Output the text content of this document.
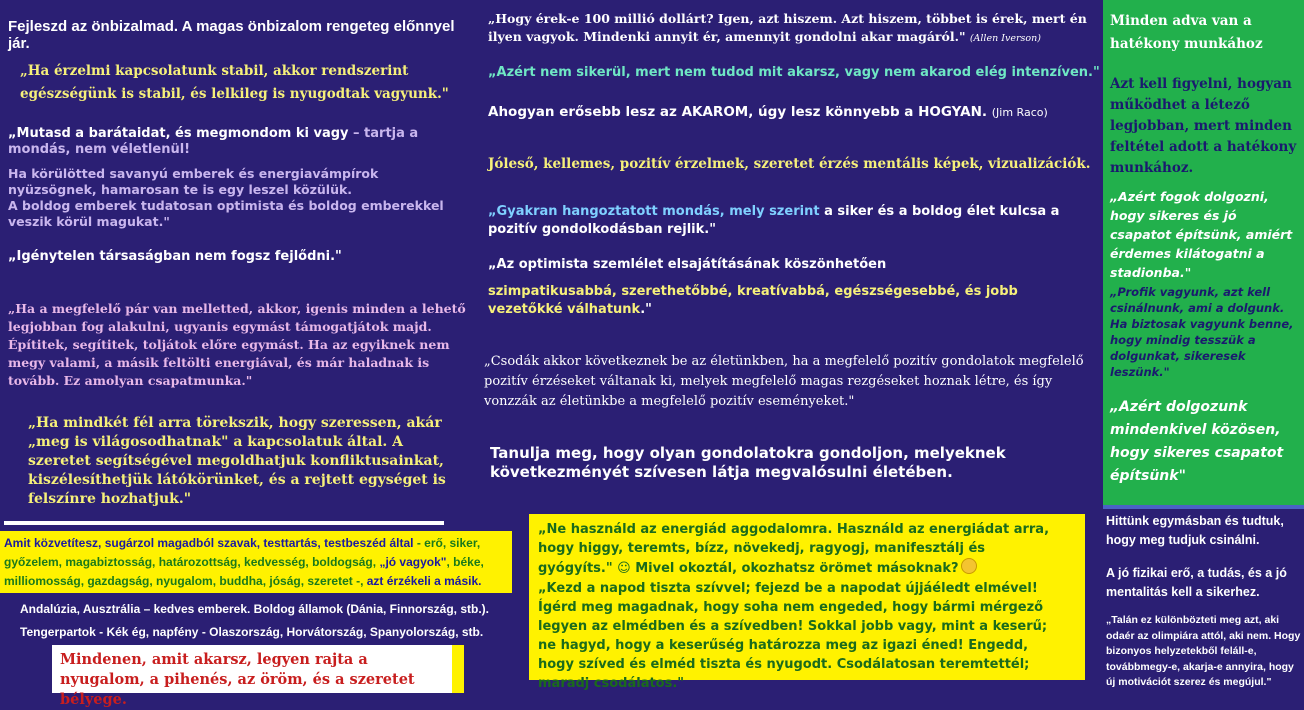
Fejleszd az önbizalmad. A magas önbizalom rengeteg előnnyel jár.

„Ha érzelmi kapcsolatunk stabil, akkor rendszerint egészségünk is stabil, és lelkileg is nyugodtak vagyunk."

„Mutasd a barátaidat, és megmondom ki vagy – tartja a mondás, nem véletlenül!

Ha körülötted savanyú emberek és energiavámpírok nyüzsögnek, hamarosan te is egy leszel közülük.
A boldog emberek tudatosan optimista és boldog emberekkel veszik körül magukat."

„Igénytelen társaságban nem fogsz fejlődni."

„Ha a megfelelő pár van melletted, akkor, igenis minden a lehető legjobban fog alakulni, ugyanis egymást támogatjátok majd. Építitek, segítitek, toljátok előre egymást. Ha az egyiknek nem megy valami, a másik feltölti energiával, és már haladnak is tovább. Ez amolyan csapatmunka."

„Ha mindkét fél arra törekszik, hogy szeressen, akár „meg is világosodhatnak" a kapcsolatuk által. A szeretet segítségével megoldhatjuk konfliktusainkat, kiszélesíthetjük látókörünket, és a rejtett egységet is felszínre hozhatjuk."

Amit közvetítesz, sugárzol magadból szavak, testtartás, testbeszéd által - erő, siker, győzelem, magabiztosság, határozottság, kedvesség, boldogság, „jó vagyok", béke, milliomosság, gazdagság, nyugalom, buddha, jóság, szeretet -, azt érzékeli a másik.

Andalúzia, Ausztrália – kedves emberek. Boldog államok (Dánia, Finnország, stb.).

Tengerpartok - Kék ég, napfény - Olaszország, Horvátország, Spanyolország, stb.

Mindenen, amit akarsz, legyen rajta a nyugalom, a pihenés, az öröm, és a szeretet bélyege.

„Hogy érek-e 100 millió dollárt? Igen, azt hiszem. Azt hiszem, többet is érek, mert én ilyen vagyok. Mindenki annyit ér, amennyit gondolni akar magáról." (Allen Iverson)

„Azért nem sikerül, mert nem tudod mit akarsz, vagy nem akarod elég intenzíven."

Ahogyan erősebb lesz az AKAROM, úgy lesz könnyebb a HOGYAN. (Jim Raco)

Jóleső, kellemes, pozitív érzelmek, szeretet érzés mentális képek, vizualizációk.

„Gyakran hangoztatott mondás, mely szerint a siker és a boldog élet kulcsa a pozitív gondolkodásban rejlik."

„Az optimista szemlélet elsajátításának köszönhetően

szimpatikusabbá, szerethetőbbé, kreatívabbá, egészségesebbé, és jobb vezetőkké válhatunk."

„Csodák akkor következnek be az életünkben, ha a megfelelő pozitív gondolatok megfelelő pozitív érzéseket váltanak ki, melyek megfelelő magas rezgéseket hoznak létre, és így vonzzák az életünkbe a megfelelő pozitív eseményeket."

Tanulja meg, hogy olyan gondolatokra gondoljon, melyeknek következményét szívesen látja megvalósulni életében.

„Ne használd az energiád aggodalomra. Használd az energiádat arra, hogy higgy, teremts, bízz, növekedj, ragyogj, manifesztálj és gyógyíts." ☺ Mivel okoztál, okozhatsz örömet másoknak?

„Kezd a napod tiszta szívvel; fejezd be a napodat újjáéledt elmével! Ígérd meg magadnak, hogy soha nem engeded, hogy bármi mérgező legyen az elmédben és a szívedben! Sokkal jobb vagy, mint a keserű; ne hagyd, hogy a keserűség határozza meg az igazi éned! Engedd, hogy szíved és elméd tiszta és nyugodt. Csodálatosan teremtettél; maradj csodálatos."

Minden adva van a hatékony munkához

Azt kell figyelni, hogyan működhet a létező legjobban, mert minden feltétel adott a hatékony munkához.

„Azért fogok dolgozni, hogy sikeres és jó csapatot építsünk, amiért érdemes kilátogatni a stadionba."

„Profik vagyunk, azt kell csinálnunk, ami a dolgunk. Ha biztosak vagyunk benne, hogy mindig tesszük a dolgunkat, sikeresek leszünk."

„Azért dolgozunk mindenkivel közösen, hogy sikeres csapatot építsünk"

Hittünk egymásban és tudtuk, hogy meg tudjuk csinálni.

A jó fizikai erő, a tudás, és a jó mentalitás kell a sikerhez.

„Talán ez különbözteti meg azt, aki odaér az olimpiára attól, aki nem. Hogy bizonyos helyzetekből feláll-e, továbbmegy-e, akarja-e annyira, hogy új motivációt szerez és megújul."
